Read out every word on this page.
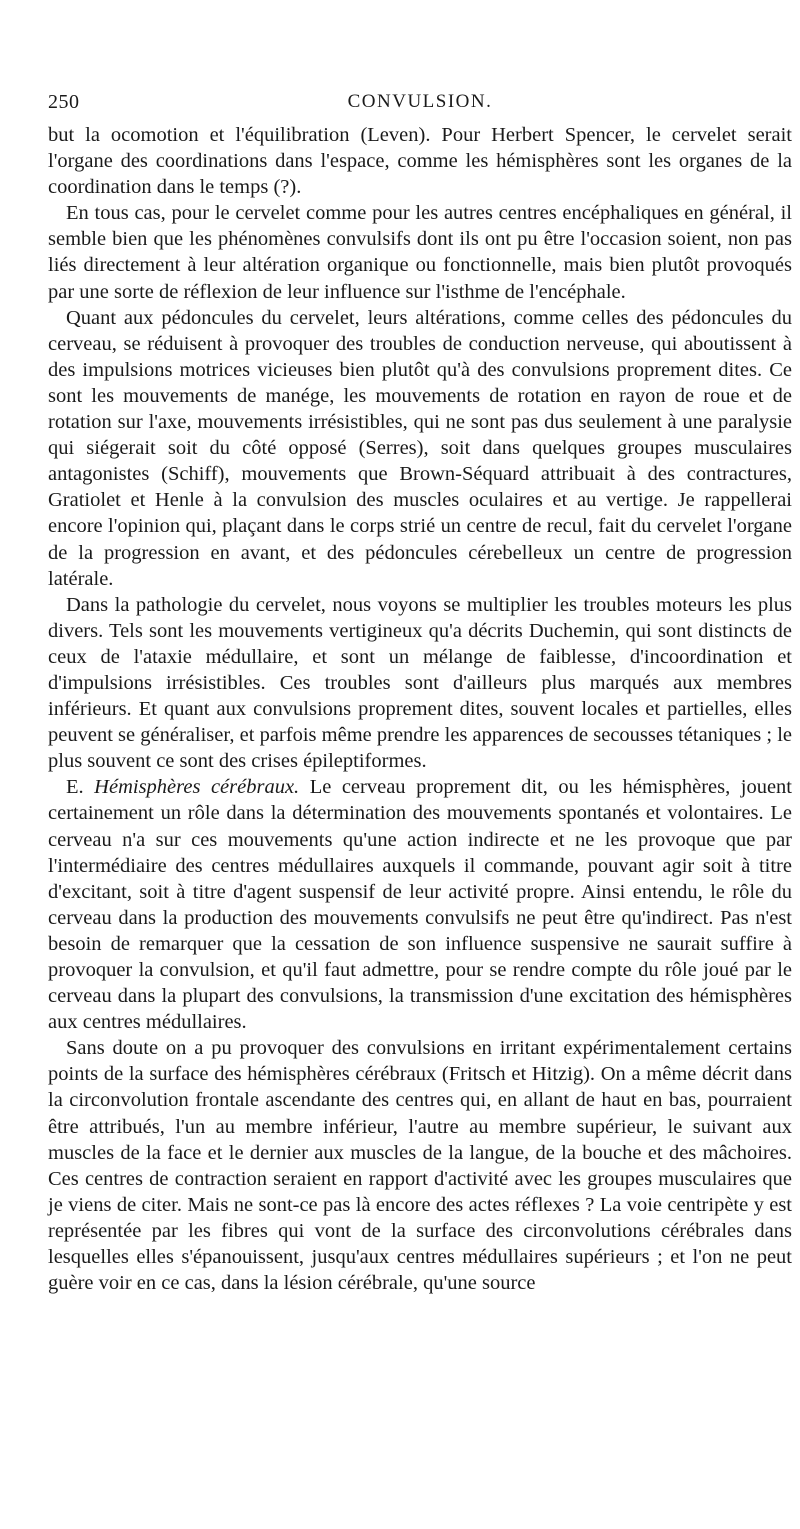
250	CONVULSION.

but la ocomotion et l'équilibration (Leven). Pour Herbert Spencer, le cervelet serait l'organe des coordinations dans l'espace, comme les hémisphères sont les organes de la coordination dans le temps (?).

En tous cas, pour le cervelet comme pour les autres centres encéphaliques en général, il semble bien que les phénomènes convulsifs dont ils ont pu être l'occasion soient, non pas liés directement à leur altération organique ou fonctionnelle, mais bien plutôt provoqués par une sorte de réflexion de leur influence sur l'isthme de l'encéphale.

Quant aux pédoncules du cervelet, leurs altérations, comme celles des pédoncules du cerveau, se réduisent à provoquer des troubles de conduction nerveuse, qui aboutissent à des impulsions motrices vicieuses bien plutôt qu'à des convulsions proprement dites. Ce sont les mouvements de manége, les mouvements de rotation en rayon de roue et de rotation sur l'axe, mouvements irrésistibles, qui ne sont pas dus seulement à une paralysie qui siégerait soit du côté opposé (Serres), soit dans quelques groupes musculaires antagonistes (Schiff), mouvements que Brown-Séquard attribuait à des contractures, Gratiolet et Henle à la convulsion des muscles oculaires et au vertige. Je rappellerai encore l'opinion qui, plaçant dans le corps strié un centre de recul, fait du cervelet l'organe de la progression en avant, et des pédoncules cérebelleux un centre de progression latérale.

Dans la pathologie du cervelet, nous voyons se multiplier les troubles moteurs les plus divers. Tels sont les mouvements vertigineux qu'a décrits Duchemin, qui sont distincts de ceux de l'ataxie médullaire, et sont un mélange de faiblesse, d'incoordination et d'impulsions irrésistibles. Ces troubles sont d'ailleurs plus marqués aux membres inférieurs. Et quant aux convulsions proprement dites, souvent locales et partielles, elles peuvent se généraliser, et parfois même prendre les apparences de secousses tétaniques ; le plus souvent ce sont des crises épileptiformes.

E. Hémisphères cérébraux. Le cerveau proprement dit, ou les hémisphères, jouent certainement un rôle dans la détermination des mouvements spontanés et volontaires. Le cerveau n'a sur ces mouvements qu'une action indirecte et ne les provoque que par l'intermédiaire des centres médullaires auxquels il commande, pouvant agir soit à titre d'excitant, soit à titre d'agent suspensif de leur activité propre. Ainsi entendu, le rôle du cerveau dans la production des mouvements convulsifs ne peut être qu'indirect. Pas n'est besoin de remarquer que la cessation de son influence suspensive ne saurait suffire à provoquer la convulsion, et qu'il faut admettre, pour se rendre compte du rôle joué par le cerveau dans la plupart des convulsions, la transmission d'une excitation des hémisphères aux centres médullaires.

Sans doute on a pu provoquer des convulsions en irritant expérimentalement certains points de la surface des hémisphères cérébraux (Fritsch et Hitzig). On a même décrit dans la circonvolution frontale ascendante des centres qui, en allant de haut en bas, pourraient être attribués, l'un au membre inférieur, l'autre au membre supérieur, le suivant aux muscles de la face et le dernier aux muscles de la langue, de la bouche et des mâchoires. Ces centres de contraction seraient en rapport d'activité avec les groupes musculaires que je viens de citer. Mais ne sont-ce pas là encore des actes réflexes ? La voie centripète y est représentée par les fibres qui vont de la surface des circonvolutions cérébrales dans lesquelles elles s'épanouissent, jusqu'aux centres médullaires supérieurs ; et l'on ne peut guère voir en ce cas, dans la lésion cérébrale, qu'une source
